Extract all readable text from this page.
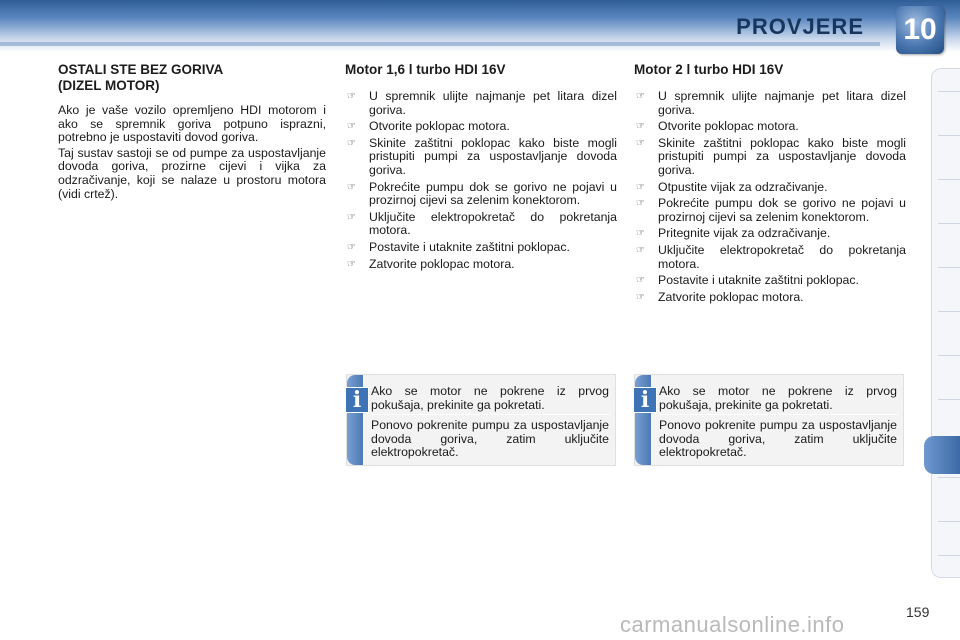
PROVJERE 10
OSTALI STE BEZ GORIVA
(DIZEL MOTOR)

Ako je vaše vozilo opremljeno HDI motorom i ako se spremnik goriva potpuno isprazni, potrebno je uspostaviti dovod goriva.

Taj sustav sastoji se od pumpe za uspostavljanje dovoda goriva, prozirne cijevi i vijka za odzračivanje, koji se nalaze u prostoru motora (vidi crtež).

Motor 1,6 l turbo HDI 16V
☞ U spremnik ulijte najmanje pet litara dizel goriva.
☞ Otvorite poklopac motora.
☞ Skinite zaštitni poklopac kako biste mogli pristupiti pumpi za uspostavljanje dovoda goriva.
☞ Pokrećite pumpu dok se gorivo ne pojavi u prozirnoj cijevi sa zelenim konektorom.
☞ Uključite elektropokretač do pokretanja motora.
☞ Postavite i utaknite zaštitni poklopac.
☞ Zatvorite poklopac motora.
Motor 2 l turbo HDI 16V
☞ U spremnik ulijte najmanje pet litara dizel goriva.
☞ Otvorite poklopac motora.
☞ Skinite zaštitni poklopac kako biste mogli pristupiti pumpi za uspostavljanje dovoda goriva.
☞ Otpustite vijak za odzračivanje.
☞ Pokrećite pumpu dok se gorivo ne pojavi u prozirnoj cijevi sa zelenim konektorom.
☞ Pritegnite vijak za odzračivanje.
☞ Uključite elektropokretač do pokretanja motora.
☞ Postavite i utaknite zaštitni poklopac.
☞ Zatvorite poklopac motora.
i Ako se motor ne pokrene iz prvog pokušaja, prekinite ga pokretati.

Ponovo pokrenite pumpu za uspostavljanje dovoda goriva, zatim uključite elektropokretač.

i Ako se motor ne pokrene iz prvog pokušaja, prekinite ga pokretati.

Ponovo pokrenite pumpu za uspostavljanje dovoda goriva, zatim uključite elektropokretač.

carmanualsonline.info	159
